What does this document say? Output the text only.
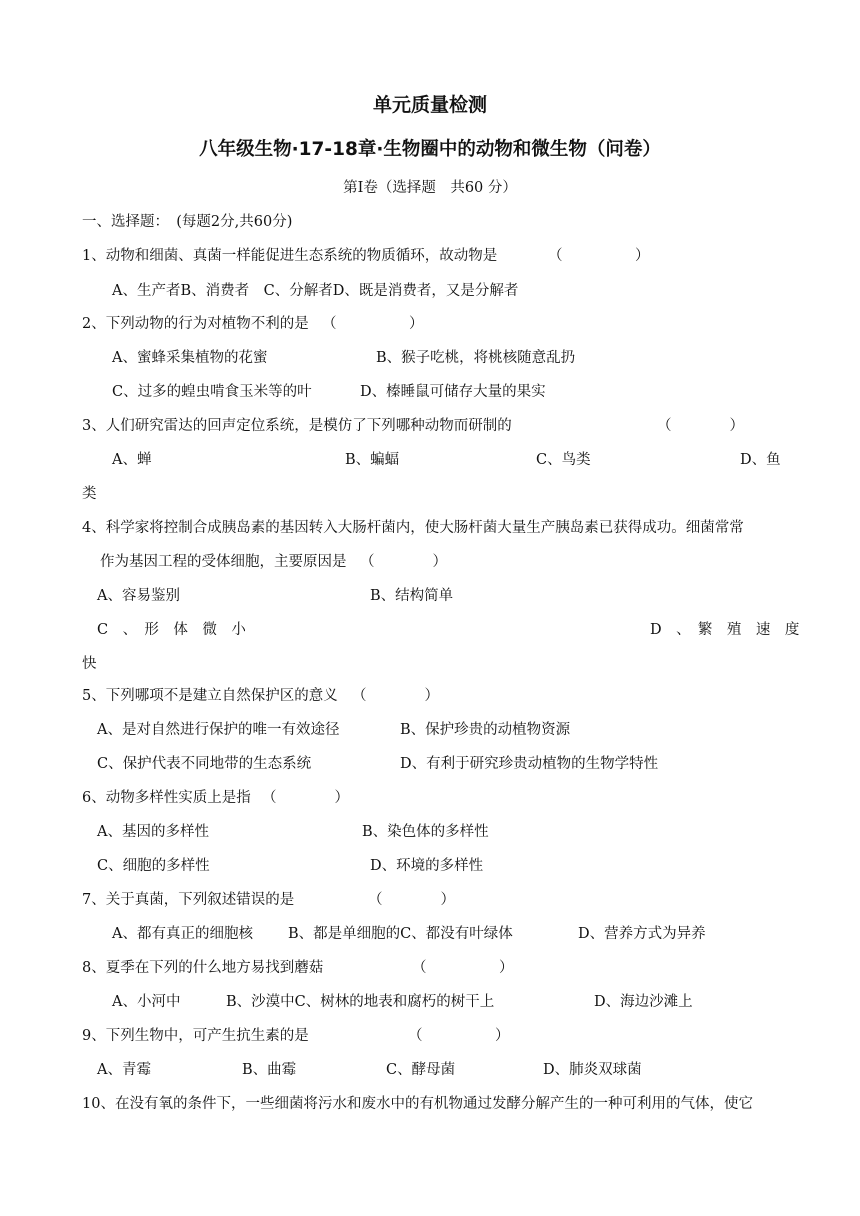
单元质量检测
八年级生物·17-18章·生物圈中的动物和微生物（问卷）
第Ⅰ卷（选择题　共60 分）
一、选择题：　(每题2分,共60分)
1、动物和细菌、真菌一样能促进生态系统的物质循环，故动物是	（　　　　　）
A、生产者B、消费者　C、分解者D、既是消费者，又是分解者
2、下列动物的行为对植物不利的是 （　　　　　）
A、蜜蜂采集植物的花蜜	B、猴子吃桃，将桃核随意乱扔
C、过多的蝗虫啃食玉米等的叶	D、榛睡鼠可储存大量的果实
3、人们研究雷达的回声定位系统，是模仿了下列哪种动物而研制的	（　　　　）
A、蝉	B、蝙蝠	C、鸟类	D、鱼
类
4、科学家将控制合成胰岛素的基因转入大肠杆菌内，使大肠杆菌大量生产胰岛素已获得成功。细菌常常
作为基因工程的受体细胞，主要原因是 （　　　　）
A、容易鉴别	B、结构简单
C　、　形　体　微　小	D　、　繁　殖　速　度
快
5、下列哪项不是建立自然保护区的意义 （　　　　）
A、是对自然进行保护的唯一有效途径	B、保护珍贵的动植物资源
C、保护代表不同地带的生态系统	D、有利于研究珍贵动植物的生物学特性
6、动物多样性实质上是指 （　　　　）
A、基因的多样性	B、染色体的多样性
C、细胞的多样性	D、环境的多样性
7、关于真菌，下列叙述错误的是	（　　　　）
A、都有真正的细胞核 B、都是单细胞的C、都没有叶绿体	D、营养方式为异养
8、夏季在下列的什么地方易找到蘑菇	（　　　　　）
A、小河中	B、沙漠中C、树林的地表和腐朽的树干上	D、海边沙滩上
9、下列生物中，可产生抗生素的是	（　　　　　）
A、青霉	B、曲霉	C、酵母菌	D、肺炎双球菌
10、在没有氧的条件下，一些细菌将污水和废水中的有机物通过发酵分解产生的一种可利用的气体，使它
